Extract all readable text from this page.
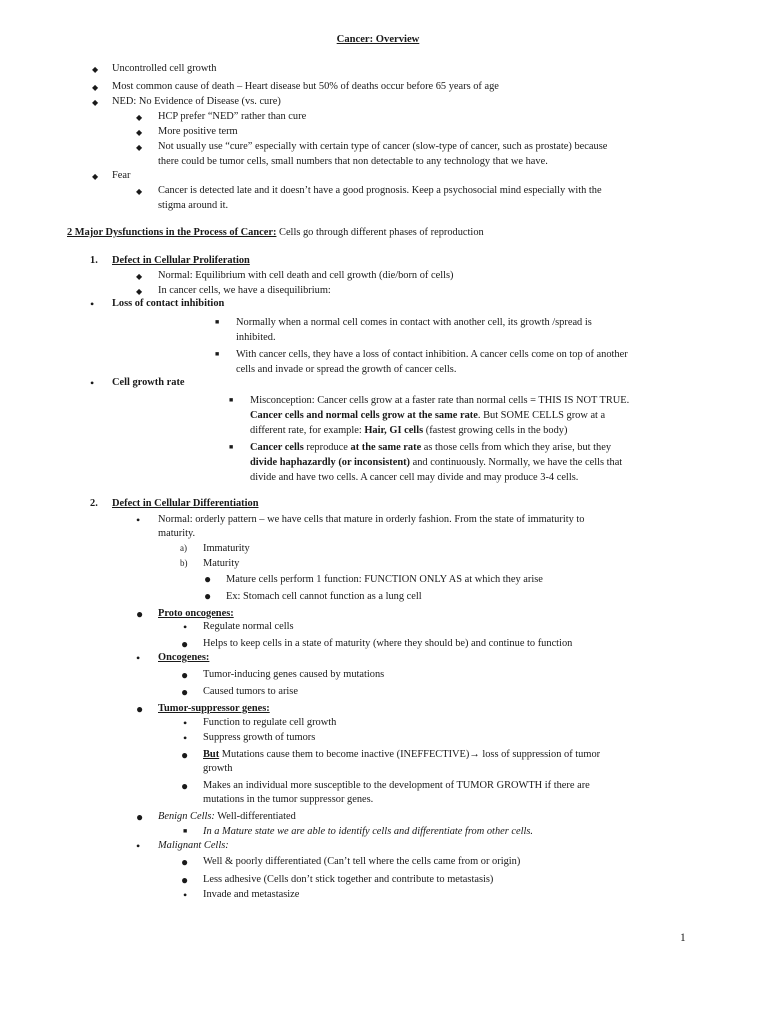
Cancer: Overview
◆ Uncontrolled cell growth
◆ Most common cause of death – Heart disease but 50% of deaths occur before 65 years of age
◆ NED: No Evidence of Disease (vs. cure)
◆ HCP prefer “NED” rather than cure
◆ More positive term
◆ Not usually use “cure” especially with certain type of cancer (slow-type of cancer, such as prostate) because
there could be tumor cells, small numbers that non detectable to any technology that we have.
◆ Fear
◆ Cancer is detected late and it doesn’t have a good prognosis. Keep a psychosocial mind especially with the
stigma around it.
2 Major Dysfunctions in the Process of Cancer: Cells go through different phases of reproduction
1. Defect in Cellular Proliferation
◆ Normal: Equilibrium with cell death and cell growth (die/born of cells)
◆ In cancer cells, we have a disequilibrium:
• Loss of contact inhibition
■ Normally when a normal cell comes in contact with another cell, its growth /spread is
inhibited.
■ With cancer cells, they have a loss of contact inhibition. A cancer cells come on top of another
cells and invade or spread the growth of cancer cells.
• Cell growth rate
■ Misconception: Cancer cells grow at a faster rate than normal cells = THIS IS NOT TRUE.
Cancer cells and normal cells grow at the same rate. But SOME CELLS grow at a
different rate, for example: Hair, GI cells (fastest growing cells in the body)
■ Cancer cells reproduce at the same rate as those cells from which they arise, but they
divide haphazardly (or inconsistent) and continuously. Normally, we have the cells that
divide and have two cells. A cancer cell may divide and may produce 3-4 cells.
2. Defect in Cellular Differentiation
• Normal: orderly pattern – we have cells that mature in orderly fashion. From the state of immaturity to
maturity.
a) Immaturity
b) Maturity
● Mature cells perform 1 function: FUNCTION ONLY AS at which they arise
● Ex: Stomach cell cannot function as a lung cell
● Proto oncogenes:
• Regulate normal cells
● Helps to keep cells in a state of maturity (where they should be) and continue to function
• Oncogenes:
● Tumor-inducing genes caused by mutations
● Caused tumors to arise
● Tumor-suppressor genes:
• Function to regulate cell growth
• Suppress growth of tumors
● But Mutations cause them to become inactive (INEFFECTIVE)→ loss of suppression of tumor
growth
● Makes an individual more susceptible to the development of TUMOR GROWTH if there are
mutations in the tumor suppressor genes.
● Benign Cells: Well-differentiated
■ In a Mature state we are able to identify cells and differentiate from other cells.
• Malignant Cells:
● Well & poorly differentiated (Can’t tell where the cells came from or origin)
● Less adhesive (Cells don’t stick together and contribute to metastasis)
• Invade and metastasize
1
